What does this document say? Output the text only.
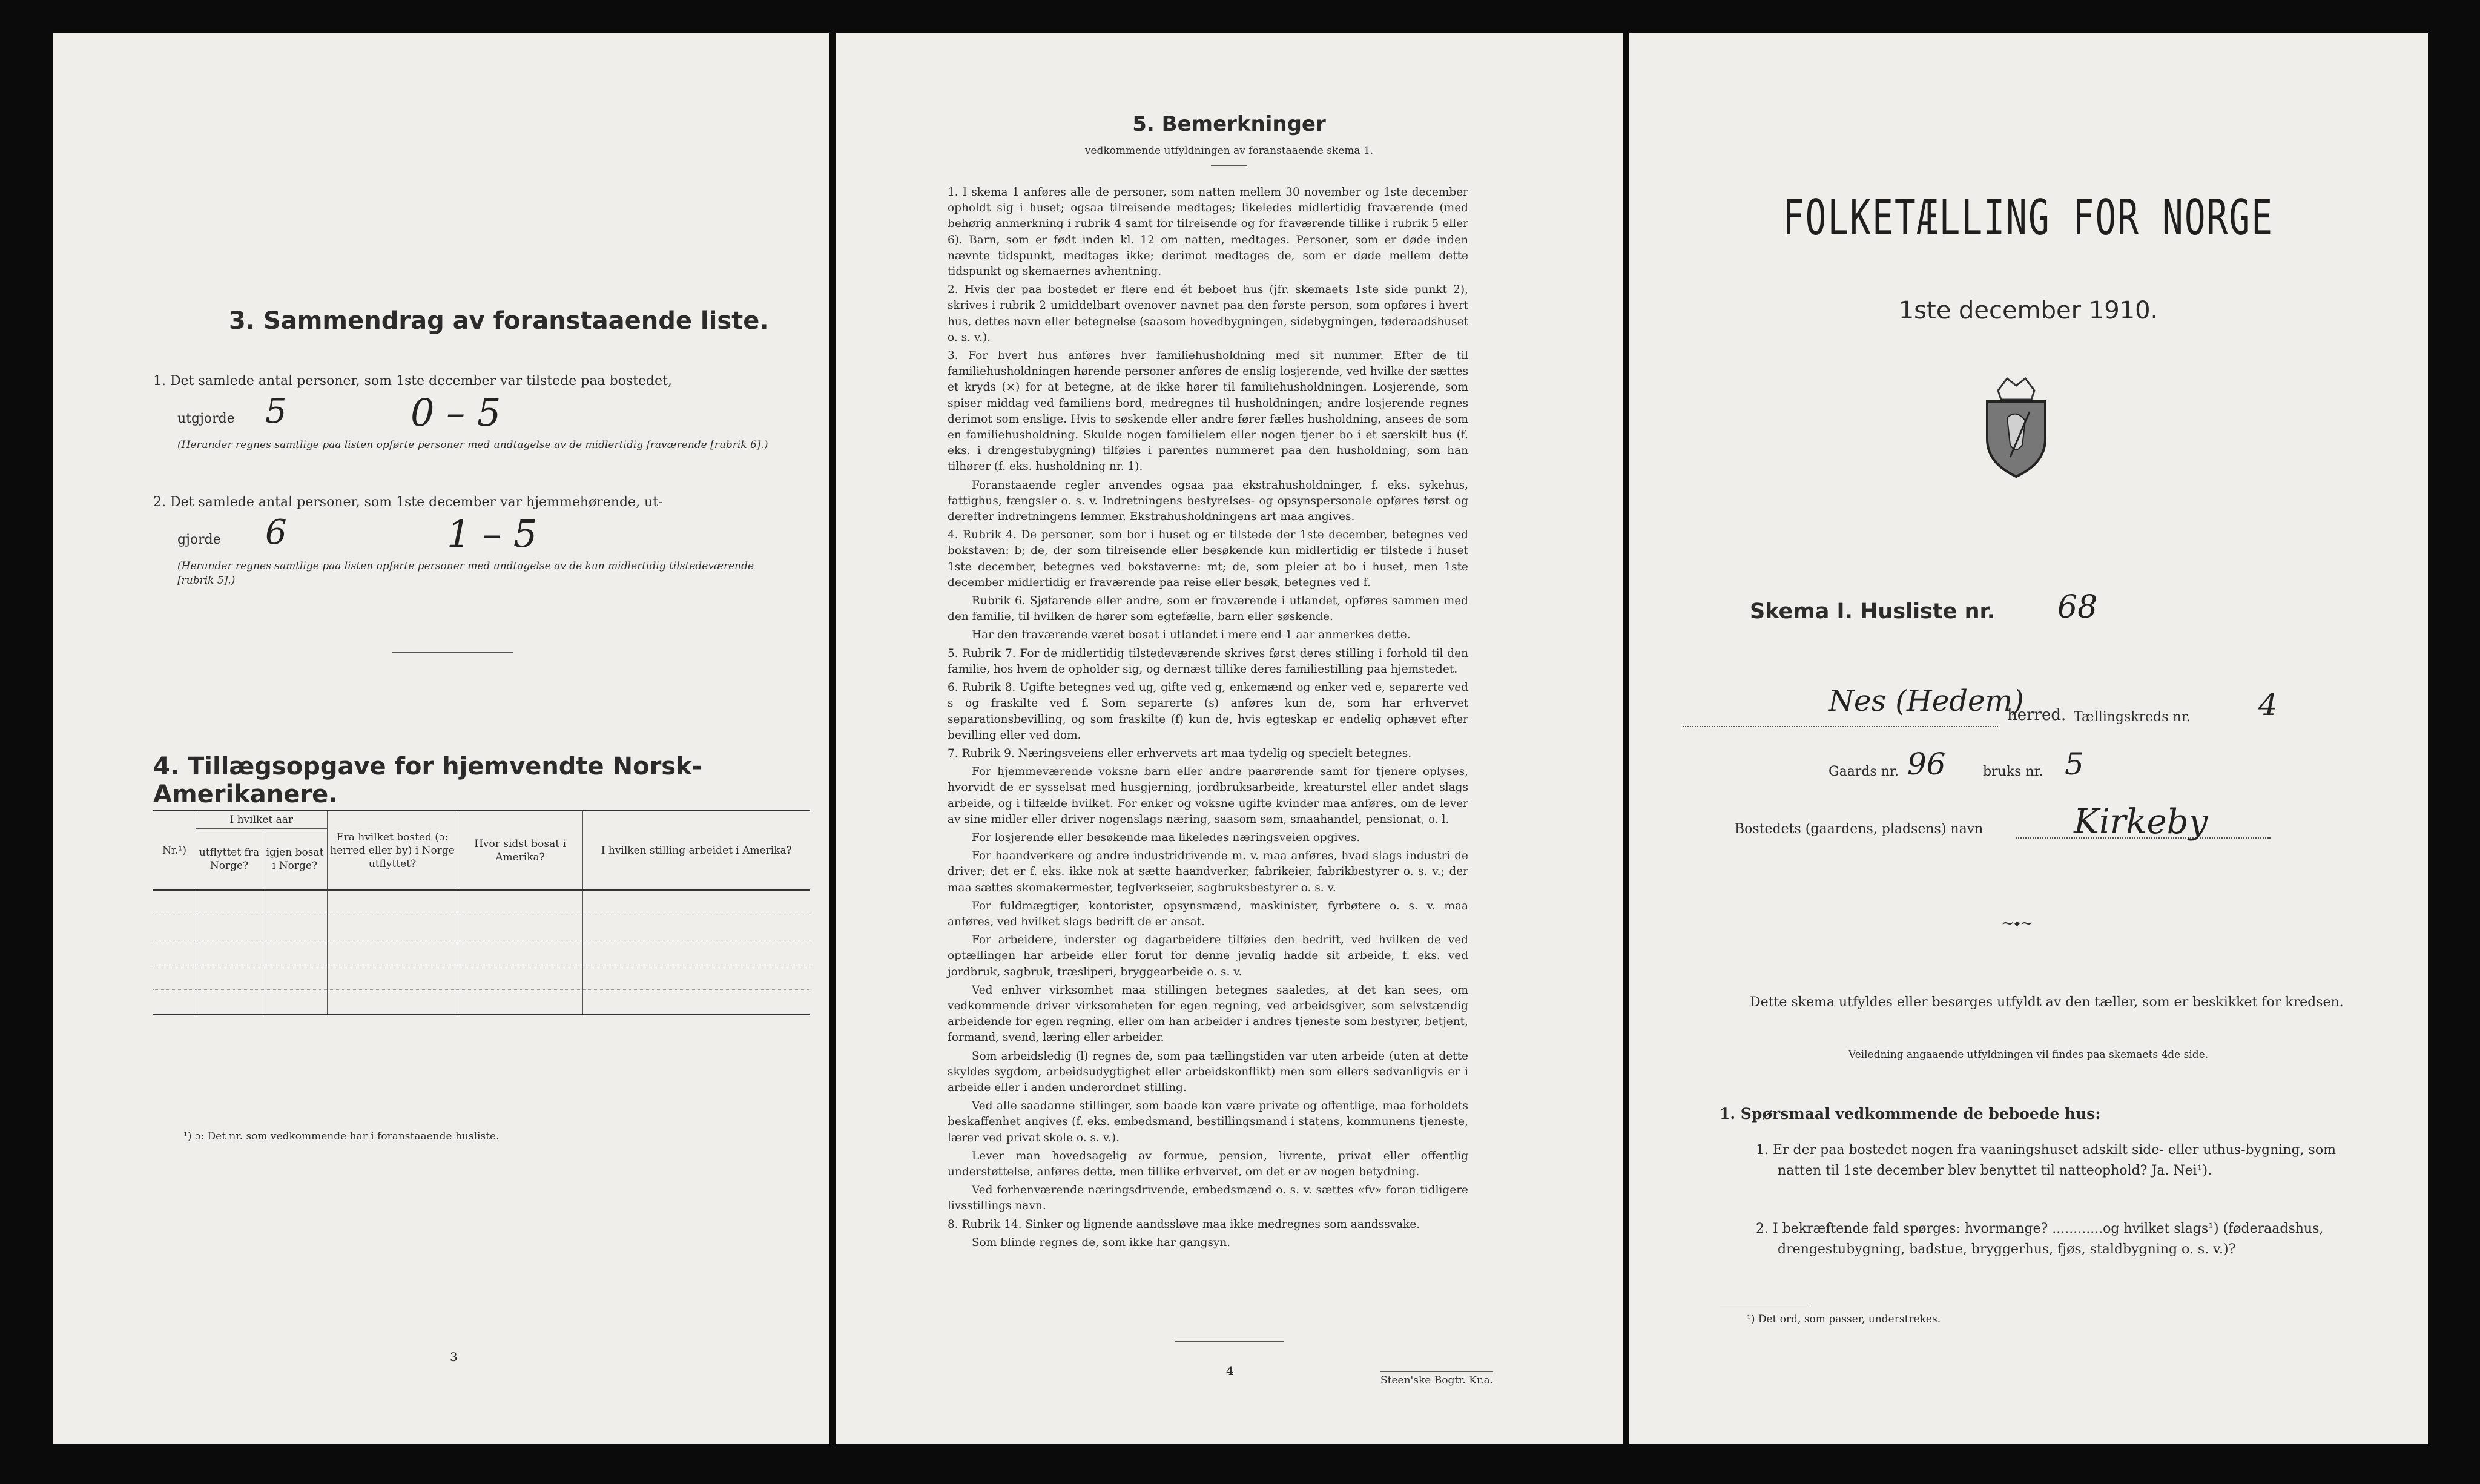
3. Sammendrag av foranstaaende liste.
1. Det samlede antal personer, som 1ste december var tilstede paa bostedet,
utgjorde 5	0 – 5
(Herunder regnes samtlige paa listen opførte personer med undtagelse av de midlertidig fraværende [rubrik 6].)
2. Det samlede antal personer, som 1ste december var hjemmehørende, ut-
gjorde 6	1 – 5
(Herunder regnes samtlige paa listen opførte personer med undtagelse av de kun midlertidig tilstedeværende [rubrik 5].)
4. Tillægsopgave for hjemvendte Norsk-Amerikanere.
Nr.¹)	I hvilket aar		Fra hvilket bosted (ɔ: herred eller by) i Norge utflyttet?	Hvor sidst bosat i Amerika?	I hvilken stilling arbeidet i Amerika?
	utflyttet fra Norge?	igjen bosat i Norge?			

¹) ɔ: Det nr. som vedkommende har i foranstaaende husliste.
3
5. Bemerkninger
vedkommende utfyldningen av foranstaaende skema 1.

1. I skema 1 anføres alle de personer, som natten mellem 30 november og 1ste december opholdt sig i huset; ogsaa tilreisende medtages; likeledes midlertidig fraværende (med behørig anmerkning i rubrik 4 samt for tilreisende og for fraværende tillike i rubrik 5 eller 6). Barn, som er født inden kl. 12 om natten, medtages. Personer, som er døde inden nævnte tidspunkt, medtages ikke; derimot medtages de, som er døde mellem dette tidspunkt og skemaernes avhentning.

2. Hvis der paa bostedet er flere end ét beboet hus (jfr. skemaets 1ste side punkt 2), skrives i rubrik 2 umiddelbart ovenover navnet paa den første person, som opføres i hvert hus, dettes navn eller betegnelse (saasom hovedbygningen, sidebygningen, føderaadshuset o. s. v.).

3. For hvert hus anføres hver familiehusholdning med sit nummer. Efter de til familiehusholdningen hørende personer anføres de enslig losjerende, ved hvilke der sættes et kryds (×) for at betegne, at de ikke hører til familiehusholdningen. Losjerende, som spiser middag ved familiens bord, medregnes til husholdningen; andre losjerende regnes derimot som enslige. Hvis to søskende eller andre fører fælles husholdning, ansees de som en familiehusholdning. Skulde nogen familielem eller nogen tjener bo i et særskilt hus (f. eks. i drengestubygning) tilføies i parentes nummeret paa den husholdning, som han tilhører (f. eks. husholdning nr. 1).

Foranstaaende regler anvendes ogsaa paa ekstrahusholdninger, f. eks. sykehus, fattighus, fængsler o. s. v. Indretningens bestyrelses- og opsynspersonale opføres først og derefter indretningens lemmer. Ekstrahusholdningens art maa angives.

4. Rubrik 4. De personer, som bor i huset og er tilstede der 1ste december, betegnes ved bokstaven: b; de, der som tilreisende eller besøkende kun midlertidig er tilstede i huset 1ste december, betegnes ved bokstaverne: mt; de, som pleier at bo i huset, men 1ste december midlertidig er fraværende paa reise eller besøk, betegnes ved f.

Rubrik 6. Sjøfarende eller andre, som er fraværende i utlandet, opføres sammen med den familie, til hvilken de hører som egtefælle, barn eller søskende.

Har den fraværende været bosat i utlandet i mere end 1 aar anmerkes dette.

5. Rubrik 7. For de midlertidig tilstedeværende skrives først deres stilling i forhold til den familie, hos hvem de opholder sig, og dernæst tillike deres familiestilling paa hjemstedet.

6. Rubrik 8. Ugifte betegnes ved ug, gifte ved g, enkemænd og enker ved e, separerte ved s og fraskilte ved f. Som separerte (s) anføres kun de, som har erhvervet separationsbevilling, og som fraskilte (f) kun de, hvis egteskap er endelig ophævet efter bevilling eller ved dom.

7. Rubrik 9. Næringsveiens eller erhvervets art maa tydelig og specielt betegnes.

For hjemmeværende voksne barn eller andre paarørende samt for tjenere oplyses, hvorvidt de er sysselsat med husgjerning, jordbruksarbeide, kreaturstel eller andet slags arbeide, og i tilfælde hvilket. For enker og voksne ugifte kvinder maa anføres, om de lever av sine midler eller driver nogenslags næring, saasom søm, smaahandel, pensionat, o. l.

For losjerende eller besøkende maa likeledes næringsveien opgives.

For haandverkere og andre industridrivende m. v. maa anføres, hvad slags industri de driver; det er f. eks. ikke nok at sætte haandverker, fabrikeier, fabrikbestyrer o. s. v.; der maa sættes skomakermester, teglverkseier, sagbruksbestyrer o. s. v.

For fuldmægtiger, kontorister, opsynsmænd, maskinister, fyrbøtere o. s. v. maa anføres, ved hvilket slags bedrift de er ansat.

For arbeidere, inderster og dagarbeidere tilføies den bedrift, ved hvilken de ved optællingen har arbeide eller forut for denne jevnlig hadde sit arbeide, f. eks. ved jordbruk, sagbruk, træsliperi, bryggearbeide o. s. v.

Ved enhver virksomhet maa stillingen betegnes saaledes, at det kan sees, om vedkommende driver virksomheten for egen regning, ved arbeidsgiver, som selvstændig arbeidende for egen regning, eller om han arbeider i andres tjeneste som bestyrer, betjent, formand, svend, læring eller arbeider.

Som arbeidsledig (l) regnes de, som paa tællingstiden var uten arbeide (uten at dette skyldes sygdom, arbeidsudygtighet eller arbeidskonflikt) men som ellers sedvanligvis er i arbeide eller i anden underordnet stilling.

Ved alle saadanne stillinger, som baade kan være private og offentlige, maa forholdets beskaffenhet angives (f. eks. embedsmand, bestillingsmand i statens, kommunens tjeneste, lærer ved privat skole o. s. v.).

Lever man hovedsagelig av formue, pension, livrente, privat eller offentlig understøttelse, anføres dette, men tillike erhvervet, om det er av nogen betydning.

Ved forhenværende næringsdrivende, embedsmænd o. s. v. sættes «fv» foran tidligere livsstillings navn.

8. Rubrik 14. Sinker og lignende aandssløve maa ikke medregnes som aandssvake.

Som blinde regnes de, som ikke har gangsyn.

4
Steen'ske Bogtr. Kr.a.
FOLKETÆLLING FOR NORGE
1ste december 1910.
Skema I. Husliste nr. 68
Nes (Hedem)
herred. Tællingskreds nr. 4
Gaards nr. 96	bruks nr. 5
Bostedets (gaardens, pladsens) navn	Kirkeby
~⬩~
Dette skema utfyldes eller besørges utfyldt av den tæller, som er beskikket for kredsen.
Veiledning angaaende utfyldningen vil findes paa skemaets 4de side.
1. Spørsmaal vedkommende de beboede hus:
1. Er der paa bostedet nogen fra vaaningshuset adskilt side- eller uthus-bygning, som natten til 1ste december blev benyttet til natteophold? Ja. Nei¹).
2. I bekræftende fald spørges: hvormange? ............og hvilket slags¹) (føderaadshus, drengestubygning, badstue, bryggerhus, fjøs, staldbygning o. s. v.)?
¹) Det ord, som passer, understrekes.
